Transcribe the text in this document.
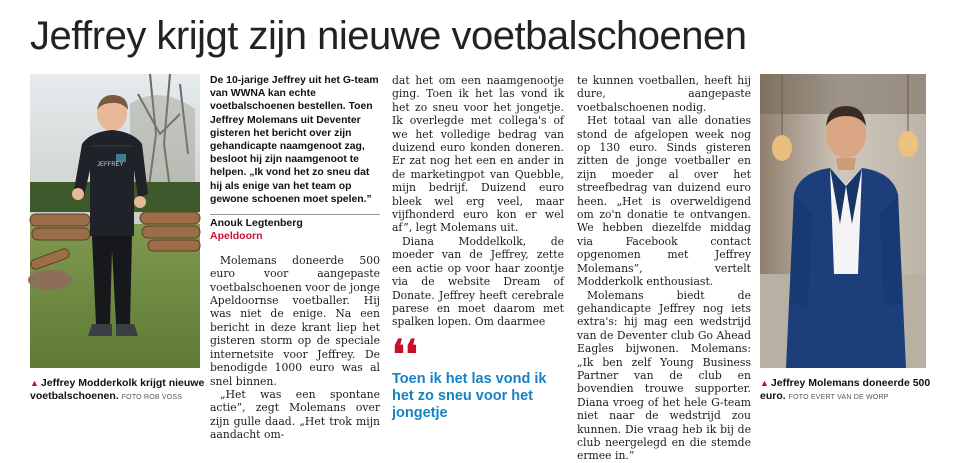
Jeffrey krijgt zijn nieuwe voetbalschoenen
JEFFREY
▲ Jeffrey Modderkolk krijgt nieuwe voetbalschoenen. FOTO ROB VOSS
▲ Jeffrey Molemans doneerde 500 euro. FOTO EVERT VAN DE WORP

De 10-jarige Jeffrey uit het G-team van WWNA kan echte voetbalschoenen bestellen. Toen Jeffrey Molemans uit Deventer gisteren het bericht over zijn gehandicapte naamgenoot zag, besloot hij zijn naamgenoot te helpen. „Ik vond het zo sneu dat hij als enige van het team op gewone schoenen moet spelen.”

Anouk Legtenberg
Apeldoorn

Molemans doneerde 500 euro voor aangepaste voetbalschoenen voor de jonge Apeldoornse voetballer. Hij was niet de enige. Na een bericht in deze krant liep het gisteren storm op de speciale internetsite voor Jeffrey. De benodigde 1000 euro was al snel binnen.

„Het was een spontane actie”, zegt Molemans over zijn gulle daad. „Het trok mijn aandacht om-

dat het om een naamgenootje ging. Toen ik het las vond ik het zo sneu voor het jongetje. Ik overlegde met collega's of we het volledige bedrag van duizend euro konden doneren. Er zat nog het een en ander in de marketingpot van Quebble, mijn bedrijf. Duizend euro bleek wel erg veel, maar vijfhonderd euro kon er wel af”, legt Molemans uit.

Diana Moddelkolk, de moeder van de Jeffrey, zette een actie op voor haar zoontje via de website Dream of Donate. Jeffrey heeft cerebrale parese en moet daarom met spalken lopen. Om daarmee

❛❛

Toen ik het las vond ik het zo sneu voor het jongetje

te kunnen voetballen, heeft hij dure, aangepaste voetbalschoenen nodig.

Het totaal van alle donaties stond de afgelopen week nog op 130 euro. Sinds gisteren zitten de jonge voetballer en zijn moeder al over het streefbedrag van duizend euro heen. „Het is overweldigend om zo'n donatie te ontvangen. We hebben diezelfde middag via Facebook contact opgenomen met Jeffrey Molemans”, vertelt Modderkolk enthousiast.

Molemans biedt de gehandicapte Jeffrey nog iets extra's: hij mag een wedstrijd van de Deventer club Go Ahead Eagles bijwonen. Molemans: „Ik ben zelf Young Business Partner van de club en bovendien trouwe supporter. Diana vroeg of het hele G-team niet naar de wedstrijd zou kunnen. Die vraag heb ik bij de club neergelegd en die stemde ermee in.”
